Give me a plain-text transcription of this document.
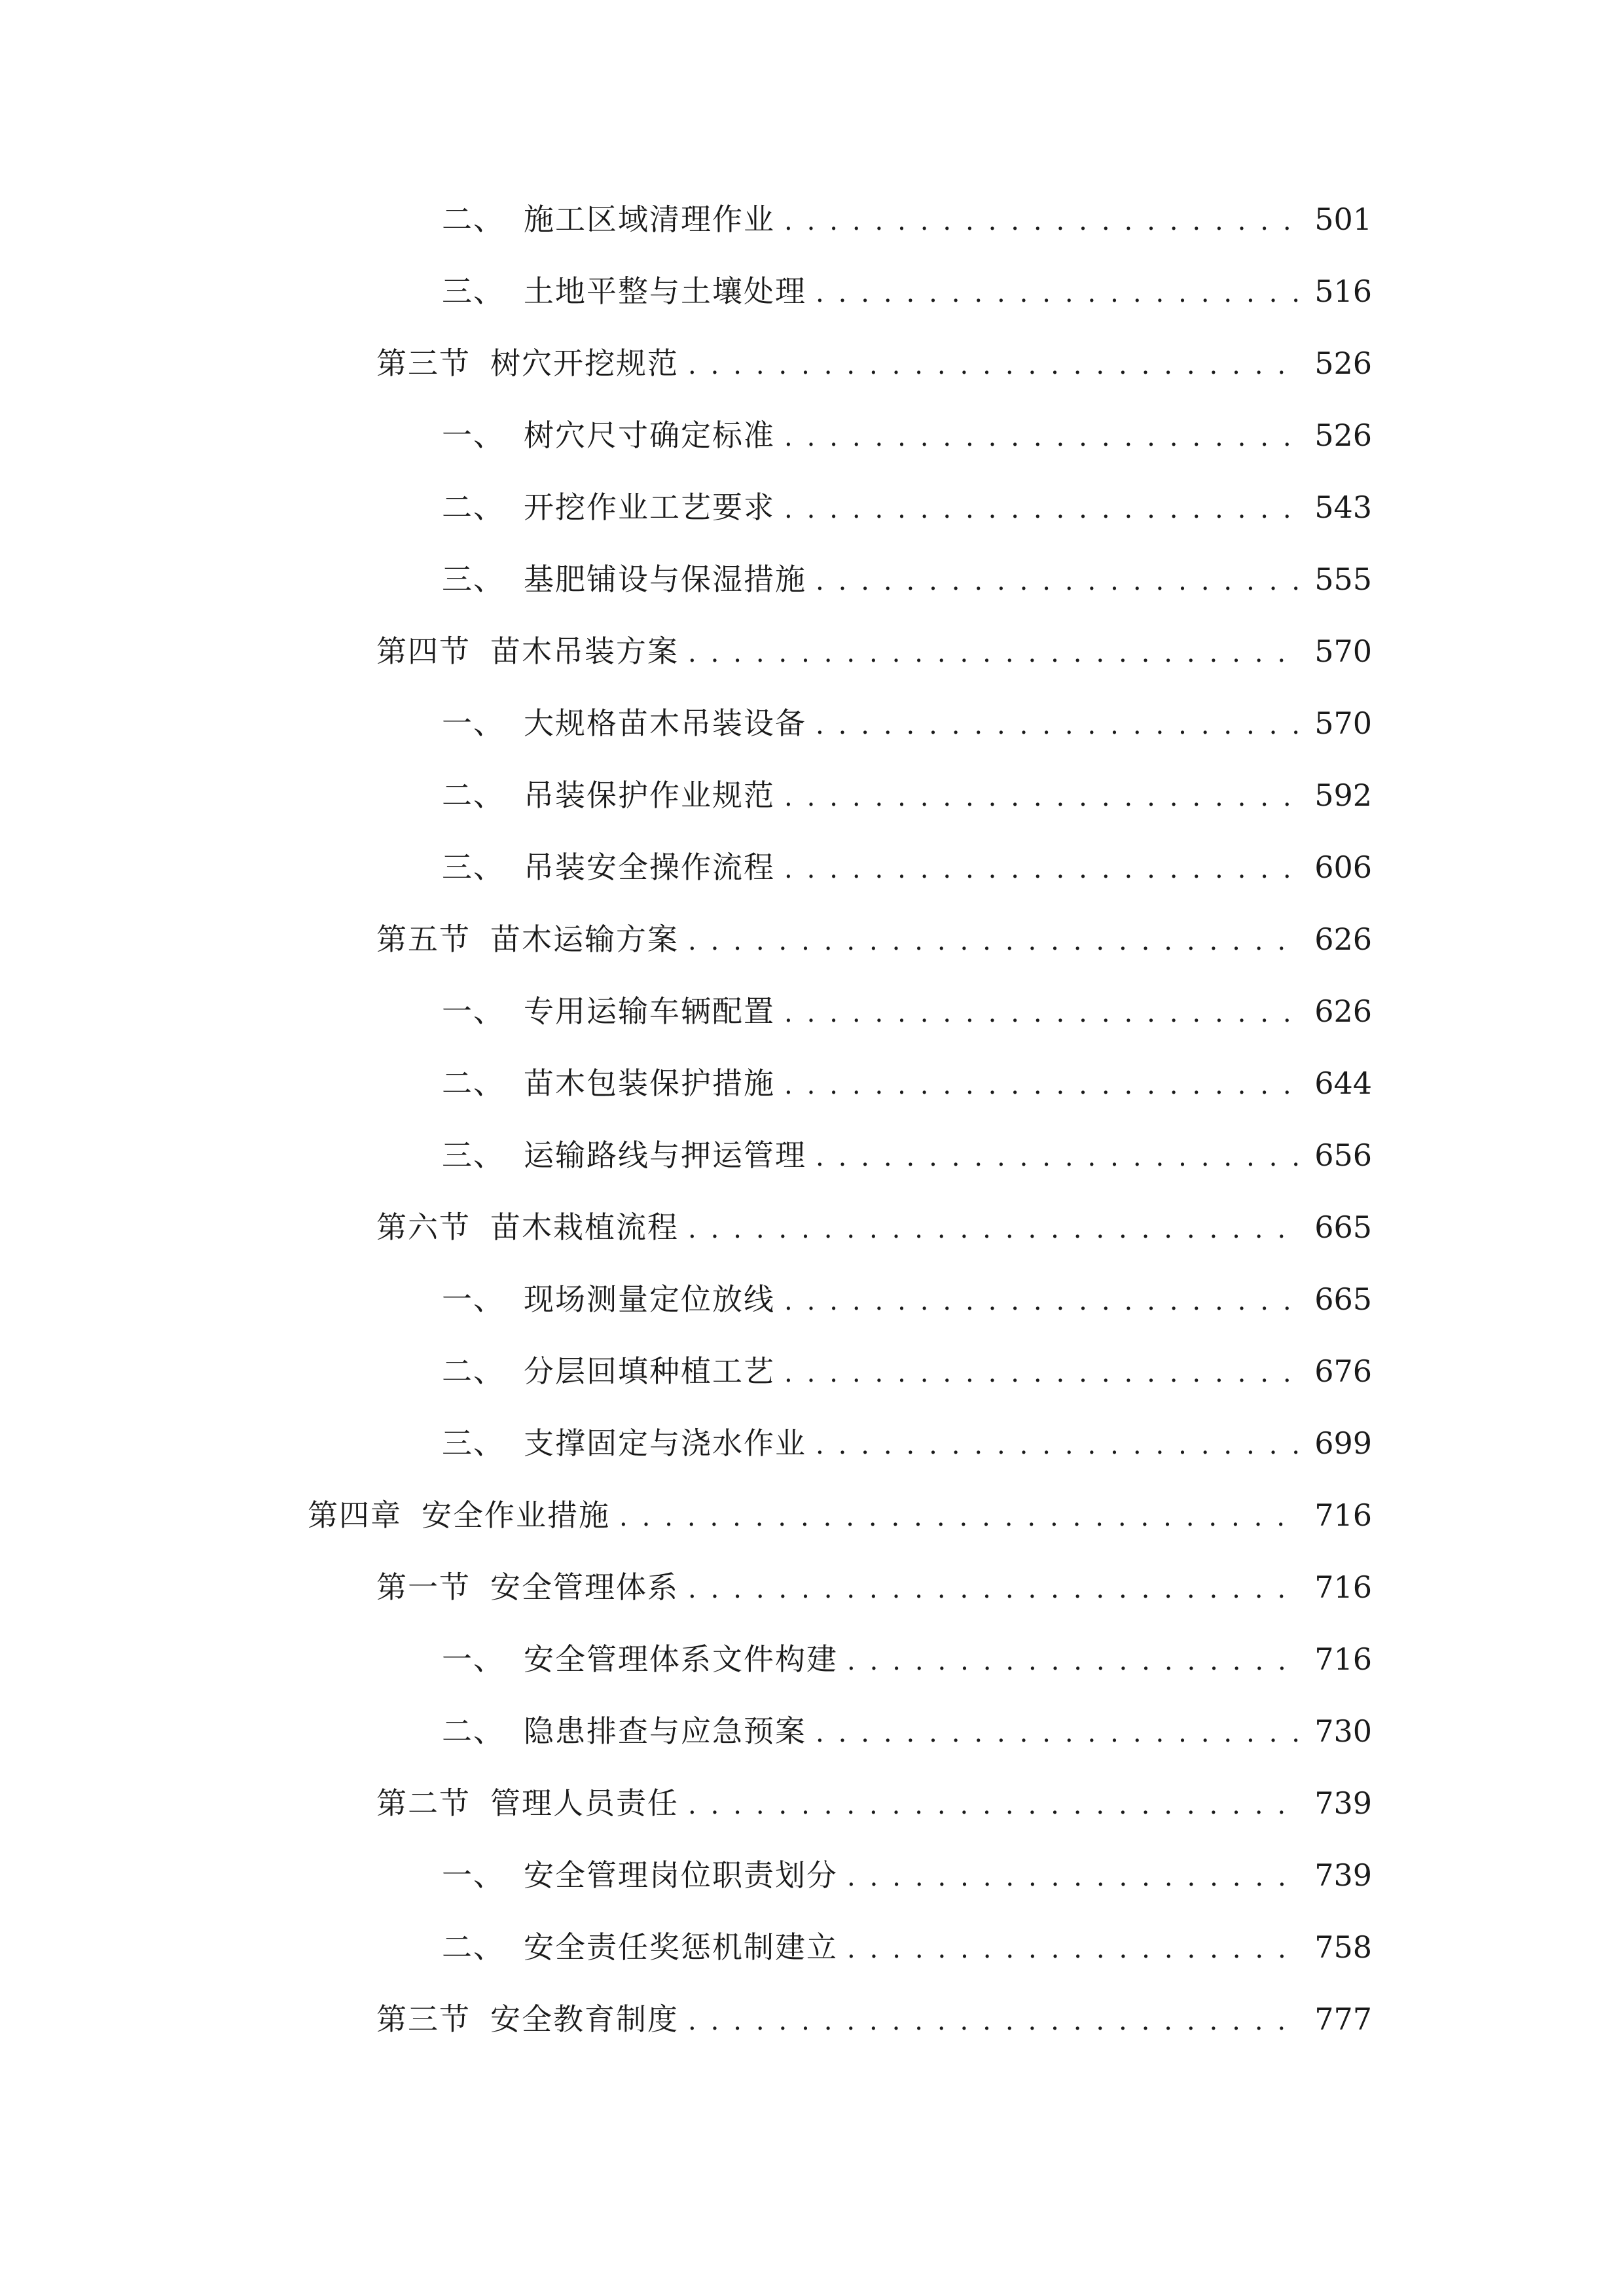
二、 施工区域清理作业 . . .	501
三、 土地平整与土壤处理 . . .	516
第三节 树穴开挖规范 . . .	526
一、 树穴尺寸确定标准 . . .	526
二、 开挖作业工艺要求 . . .	543
三、 基肥铺设与保湿措施 . . .	555
第四节 苗木吊装方案 . . .	570
一、 大规格苗木吊装设备 . . .	570
二、 吊装保护作业规范 . . .	592
三、 吊装安全操作流程 . . .	606
第五节 苗木运输方案 . . .	626
一、 专用运输车辆配置 . . .	626
二、 苗木包装保护措施 . . .	644
三、 运输路线与押运管理 . . .	656
第六节 苗木栽植流程 . . .	665
一、 现场测量定位放线 . . .	665
二、 分层回填种植工艺 . . .	676
三、 支撑固定与浇水作业 . . .	699
第四章 安全作业措施 . . .	716
第一节 安全管理体系 . . .	716
一、 安全管理体系文件构建 . . .	716
二、 隐患排查与应急预案 . . .	730
第二节 管理人员责任 . . .	739
一、 安全管理岗位职责划分 . . .	739
二、 安全责任奖惩机制建立 . . .	758
第三节 安全教育制度 . . .	777
